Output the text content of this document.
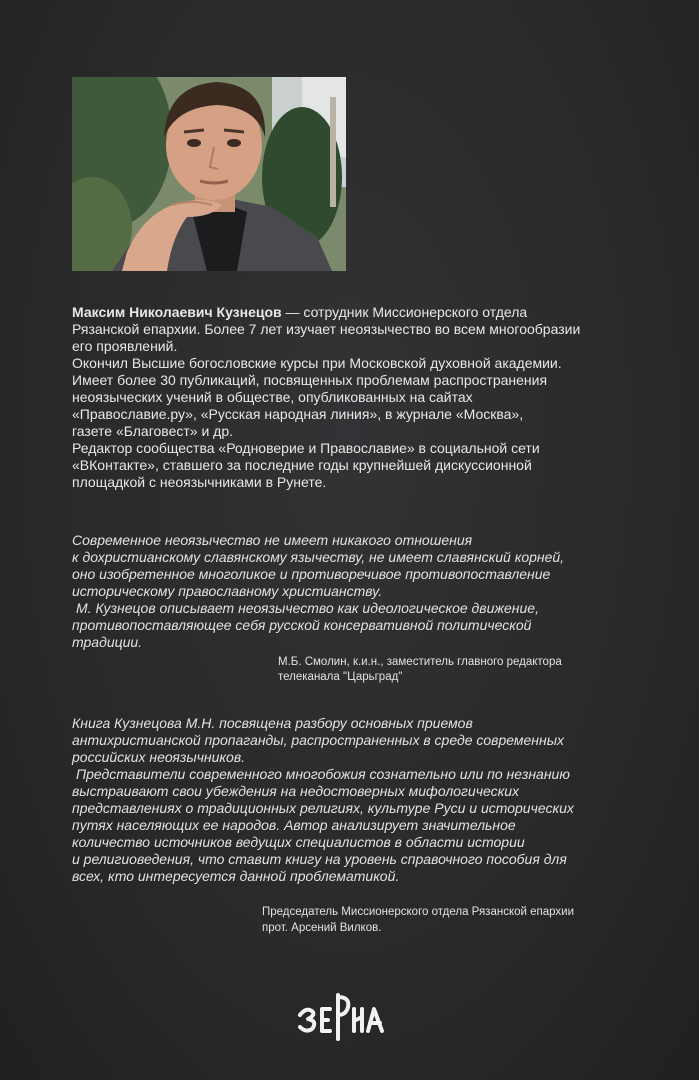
Максим Николаевич Кузнецов — сотрудник Миссионерского отдела

Рязанской епархии. Более 7 лет изучает неоязычество во всем многообразии

его проявлений.

Окончил Высшие богословские курсы при Московской духовной академии.

Имеет более 30 публикаций, посвященных проблемам распространения

неоязыческих учений в обществе, опубликованных на сайтах

«Православие.ру», «Русская народная линия», в журнале «Москва»,

газете «Благовест» и др.

Редактор сообщества «Родноверие и Православие» в социальной сети

«ВКонтакте», ставшего за последние годы крупнейшей дискуссионной

площадкой с неоязычниками в Рунете.

Современное неоязычество не имеет никакого отношения

к дохристианскому славянскому язычеству, не имеет славянский корней,

оно изобретенное многоликое и противоречивое противопоставление

историческому православному христианству.

М. Кузнецов описывает неоязычество как идеологическое движение,

противопоставляющее себя русской консервативной политической

традиции.

М.Б. Смолин, к.и.н., заместитель главного редактора

телеканала "Царьград"

Книга Кузнецова М.Н. посвящена разбору основных приемов

антихристианской пропаганды, распространенных в среде современных

российских неоязычников.

Представители современного многобожия сознательно или по незнанию

выстраивают свои убеждения на недостоверных мифологических

представлениях о традиционных религиях, культуре Руси и исторических

путях населяющих ее народов. Автор анализирует значительное

количество источников ведущих специалистов в области истории

и религиоведения, что ставит книгу на уровень справочного пособия для

всех, кто интересуется данной проблематикой.

Председатель Миссионерского отдела Рязанской епархии

прот. Арсений Вилков.
